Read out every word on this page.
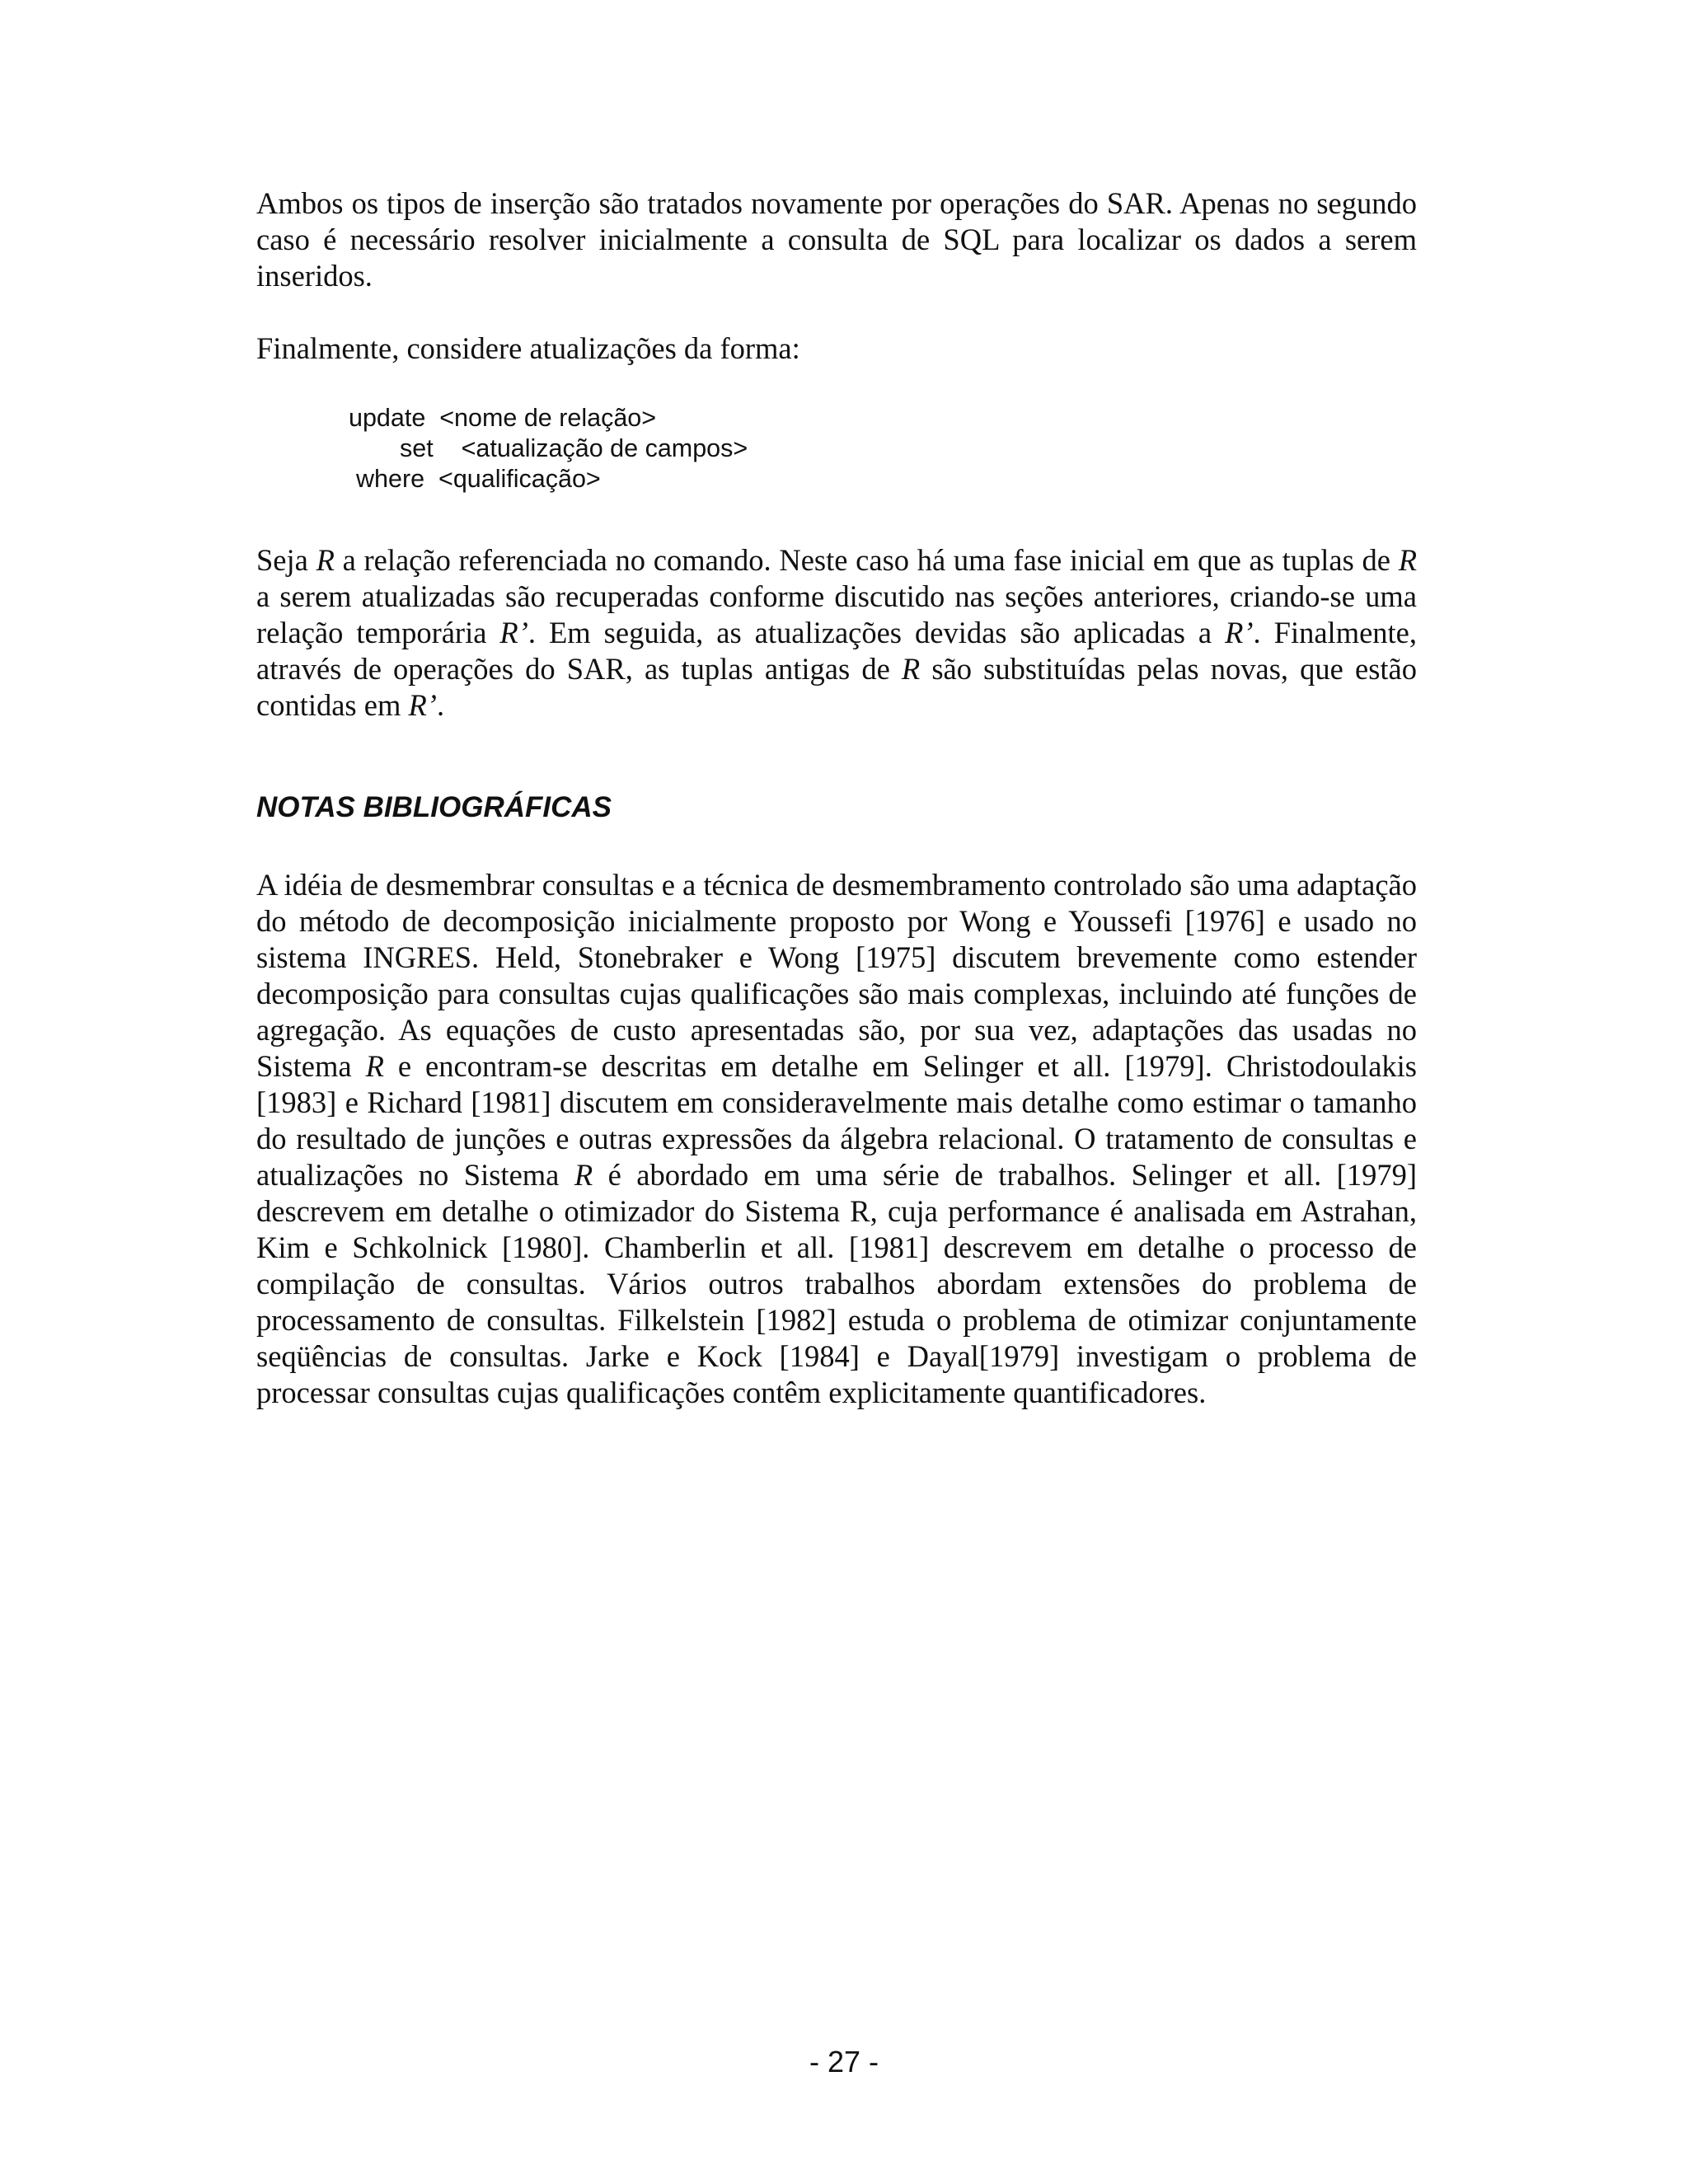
Ambos os tipos de inserção são tratados novamente por operações do SAR. Apenas no segundo caso é necessário resolver inicialmente a consulta de SQL para localizar os dados a serem inseridos.

Finalmente, considere atualizações da forma:

update  <nome de relação>
set    <atualização de campos>
where  <qualificação>

Seja R a relação referenciada no comando. Neste caso há uma fase inicial em que as tuplas de R a serem atualizadas são recuperadas conforme discutido nas seções anteriores, criando-se uma relação temporária R’. Em seguida, as atualizações devidas são aplicadas a R’. Finalmente, através de operações do SAR, as tuplas antigas de R são substituídas pelas novas, que estão contidas em R’.

NOTAS BIBLIOGRÁFICAS

A idéia de desmembrar consultas e a técnica de desmembramento controlado são uma adaptação do método de decomposição inicialmente proposto por Wong e Youssefi [1976] e usado no sistema INGRES. Held, Stonebraker e Wong [1975] discutem brevemente como estender decomposição para consultas cujas qualificações são mais complexas, incluindo até funções de agregação. As equações de custo apresentadas são, por sua vez, adaptações das usadas no Sistema R e encontram-se descritas em detalhe em Selinger et all. [1979]. Christodoulakis [1983] e Richard [1981] discutem em consideravelmente mais detalhe como estimar o tamanho do resultado de junções e outras expressões da álgebra relacional. O tratamento de consultas e atualizações no Sistema R é abordado em uma série de trabalhos. Selinger et all. [1979] descrevem em detalhe o otimizador do Sistema R, cuja performance é analisada em Astrahan, Kim e Schkolnick [1980]. Chamberlin et all. [1981] descrevem em detalhe o processo de compilação de consultas. Vários outros trabalhos abordam extensões do problema de processamento de consultas. Filkelstein [1982] estuda o problema de otimizar conjuntamente seqüências de consultas. Jarke e Kock [1984] e Dayal[1979] investigam o problema de processar consultas cujas qualificações contêm explicitamente quantificadores.

- 27 -
